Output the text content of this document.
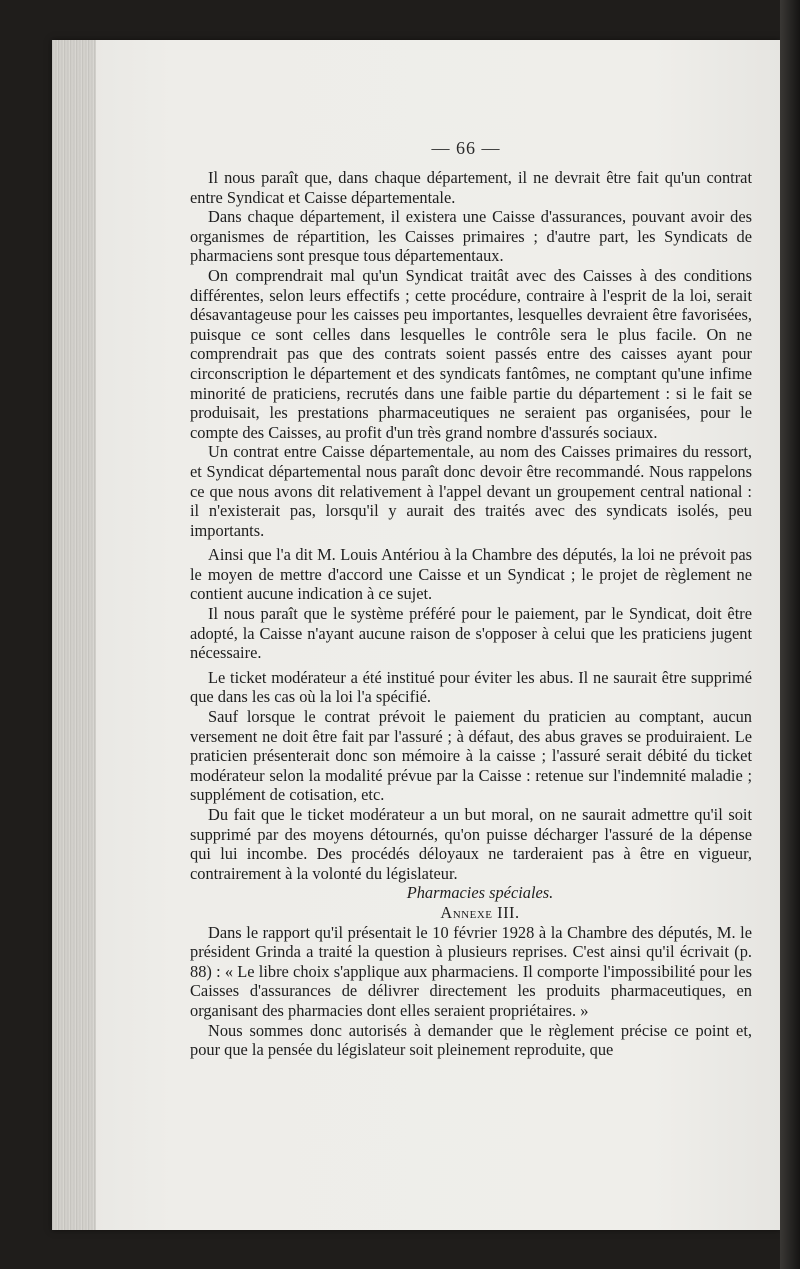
— 66 —

Il nous paraît que, dans chaque département, il ne devrait être fait qu'un contrat entre Syndicat et Caisse départementale.

Dans chaque département, il existera une Caisse d'assurances, pouvant avoir des organismes de répartition, les Caisses primaires ; d'autre part, les Syndicats de pharmaciens sont presque tous départementaux.

On comprendrait mal qu'un Syndicat traitât avec des Caisses à des conditions différentes, selon leurs effectifs ; cette procédure, contraire à l'esprit de la loi, serait désavantageuse pour les caisses peu importantes, lesquelles devraient être favorisées, puisque ce sont celles dans lesquelles le contrôle sera le plus facile. On ne comprendrait pas que des contrats soient passés entre des caisses ayant pour circonscription le département et des syndicats fantômes, ne comptant qu'une infime minorité de praticiens, recrutés dans une faible partie du département : si le fait se produisait, les prestations pharmaceutiques ne seraient pas organisées, pour le compte des Caisses, au profit d'un très grand nombre d'assurés sociaux.

Un contrat entre Caisse départementale, au nom des Caisses primaires du ressort, et Syndicat départemental nous paraît donc devoir être recommandé. Nous rappelons ce que nous avons dit relativement à l'appel devant un groupement central national : il n'existerait pas, lorsqu'il y aurait des traités avec des syndicats isolés, peu importants.

Ainsi que l'a dit M. Louis Antériou à la Chambre des députés, la loi ne prévoit pas le moyen de mettre d'accord une Caisse et un Syndicat ; le projet de règlement ne contient aucune indication à ce sujet.

Il nous paraît que le système préféré pour le paiement, par le Syndicat, doit être adopté, la Caisse n'ayant aucune raison de s'opposer à celui que les praticiens jugent nécessaire.

Le ticket modérateur a été institué pour éviter les abus. Il ne saurait être supprimé que dans les cas où la loi l'a spécifié.

Sauf lorsque le contrat prévoit le paiement du praticien au comptant, aucun versement ne doit être fait par l'assuré ; à défaut, des abus graves se produiraient. Le praticien présenterait donc son mémoire à la caisse ; l'assuré serait débité du ticket modérateur selon la modalité prévue par la Caisse : retenue sur l'indemnité maladie ; supplément de cotisation, etc.

Du fait que le ticket modérateur a un but moral, on ne saurait admettre qu'il soit supprimé par des moyens détournés, qu'on puisse décharger l'assuré de la dépense qui lui incombe. Des procédés déloyaux ne tarderaient pas à être en vigueur, contrairement à la volonté du législateur.

Pharmacies spéciales.

Annexe III.

Dans le rapport qu'il présentait le 10 février 1928 à la Chambre des députés, M. le président Grinda a traité la question à plusieurs reprises. C'est ainsi qu'il écrivait (p. 88) : « Le libre choix s'applique aux pharmaciens. Il comporte l'impossibilité pour les Caisses d'assurances de délivrer directement les produits pharmaceutiques, en organisant des pharmacies dont elles seraient propriétaires. »

Nous sommes donc autorisés à demander que le règlement précise ce point et, pour que la pensée du législateur soit pleinement reproduite, que
